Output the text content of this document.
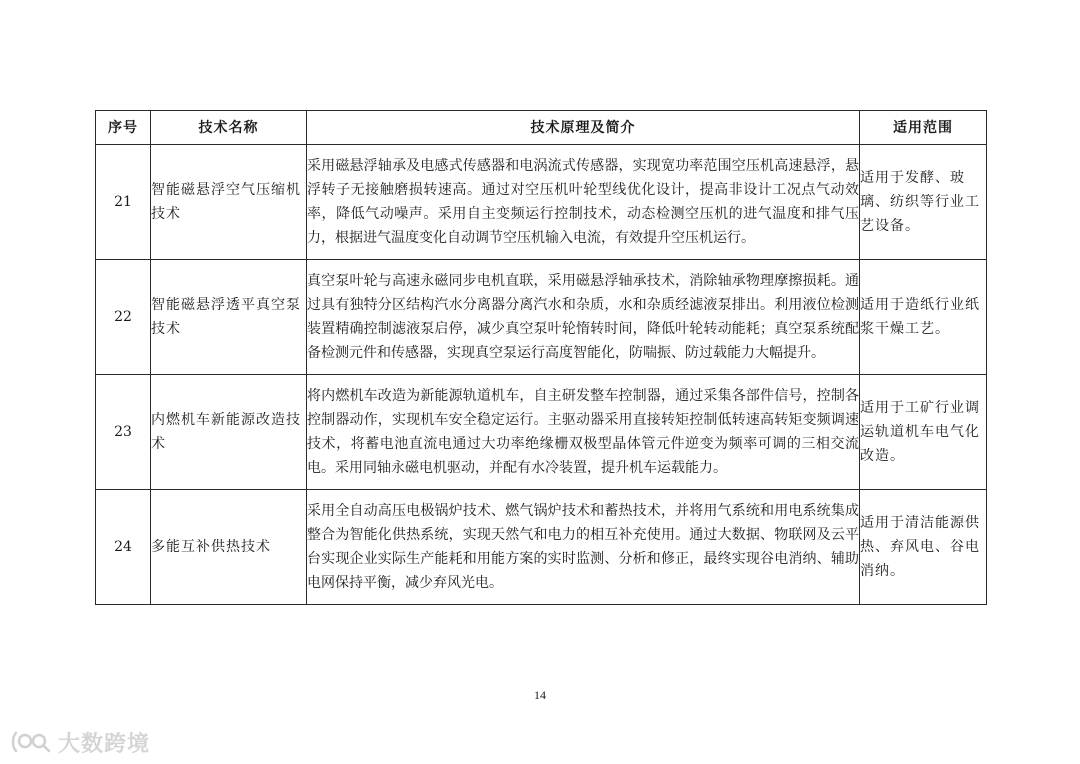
序号	技术名称	技术原理及简介	适用范围
21	智能磁悬浮空气压缩机技术	采用磁悬浮轴承及电感式传感器和电涡流式传感器，实现宽功率范围空压机高速悬浮，悬浮转子无接触磨损转速高。通过对空压机叶轮型线优化设计，提高非设计工况点气动效率，降低气动噪声。采用自主变频运行控制技术，动态检测空压机的进气温度和排气压力，根据进气温度变化自动调节空压机输入电流，有效提升空压机运行。	适用于发酵、玻璃、纺织等行业工艺设备。
22	智能磁悬浮透平真空泵技术	真空泵叶轮与高速永磁同步电机直联，采用磁悬浮轴承技术，消除轴承物理摩擦损耗。通过具有独特分区结构汽水分离器分离汽水和杂质，水和杂质经滤液泵排出。利用液位检测装置精确控制滤液泵启停，减少真空泵叶轮惰转时间，降低叶轮转动能耗；真空泵系统配备检测元件和传感器，实现真空泵运行高度智能化，防喘振、防过载能力大幅提升。	适用于造纸行业纸浆干燥工艺。
23	内燃机车新能源改造技术	将内燃机车改造为新能源轨道机车，自主研发整车控制器，通过采集各部件信号，控制各控制器动作，实现机车安全稳定运行。主驱动器采用直接转矩控制低转速高转矩变频调速技术，将蓄电池直流电通过大功率绝缘栅双极型晶体管元件逆变为频率可调的三相交流电。采用同轴永磁电机驱动，并配有水冷装置，提升机车运载能力。	适用于工矿行业调运轨道机车电气化改造。
24	多能互补供热技术	采用全自动高压电极锅炉技术、燃气锅炉技术和蓄热技术，并将用气系统和用电系统集成整合为智能化供热系统，实现天然气和电力的相互补充使用。通过大数据、物联网及云平台实现企业实际生产能耗和用能方案的实时监测、分析和修正，最终实现谷电消纳、辅助电网保持平衡，减少弃风光电。	适用于清洁能源供热、弃风电、谷电消纳。
14
大数跨境
